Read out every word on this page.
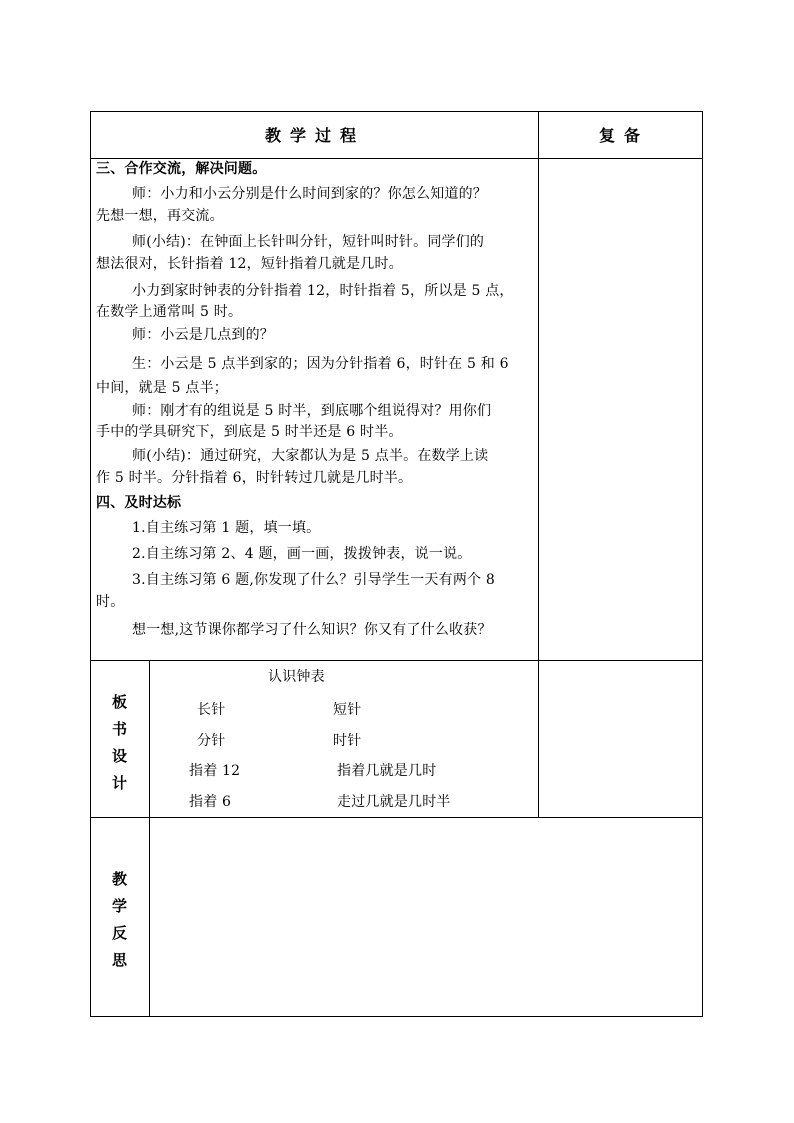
教学过程	复备
三、合作交流，解决问题。
师：小力和小云分别是什么时间到家的？你怎么知道的？
先想一想，再交流。
师(小结)：在钟面上长针叫分针，短针叫时针。同学们的
想法很对，长针指着 12，短针指着几就是几时。
小力到家时钟表的分针指着 12，时针指着 5，所以是 5 点，
在数学上通常叫 5 时。
师：小云是几点到的？
生：小云是 5 点半到家的；因为分针指着 6，时针在 5 和 6
中间，就是 5 点半；
师：刚才有的组说是 5 时半，到底哪个组说得对？用你们
手中的学具研究下，到底是 5 时半还是 6 时半。
师(小结)：通过研究，大家都认为是 5 点半。在数学上读
作 5 时半。分针指着 6，时针转过几就是几时半。
四、及时达标
1.自主练习第 1 题，填一填。
2.自主练习第 2、4 题，画一画，拨拨钟表，说一说。
3.自主练习第 6 题,你发现了什么？引导学生一天有两个 8
时。
想一想,这节课你都学习了什么知识？你又有了什么收获？
板
书
设
计
认识钟表
长针	短针
分针	时针
指着 12	指着几就是几时
指着 6	走过几就是几时半
教
学
反
思
